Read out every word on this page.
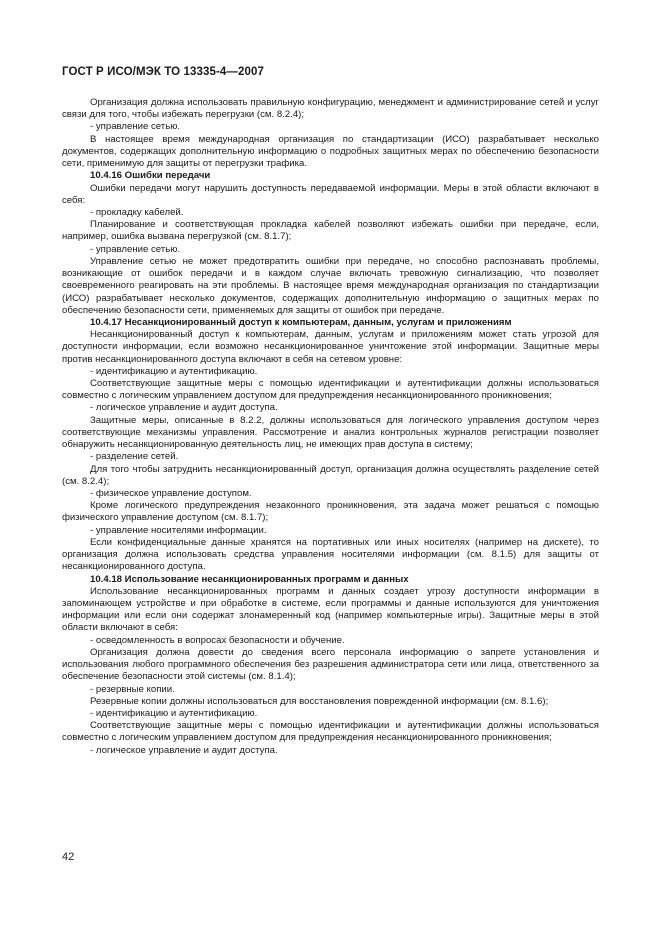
ГОСТ Р ИСО/МЭК ТО 13335-4—2007

Организация должна использовать правильную конфигурацию, менеджмент и администрирование сетей и услуг связи для того, чтобы избежать перегрузки (см. 8.2.4);

- управление сетью.

В настоящее время международная организация по стандартизации (ИСО) разрабатывает несколько документов, содержащих дополнительную информацию о подробных защитных мерах по обеспечению безопасности сети, применимую для защиты от перегрузки трафика.

10.4.16 Ошибки передачи

Ошибки передачи могут нарушить доступность передаваемой информации. Меры в этой области включают в себя:

- прокладку кабелей.

Планирование и соответствующая прокладка кабелей позволяют избежать ошибки при передаче, если, например, ошибка вызвана перегрузкой (см. 8.1.7);

- управление сетью.

Управление сетью не может предотвратить ошибки при передаче, но способно распознавать проблемы, возникающие от ошибок передачи и в каждом случае включать тревожную сигнализацию, что позволяет своевременного реагировать на эти проблемы. В настоящее время международная организация по стандартизации (ИСО) разрабатывает несколько документов, содержащих дополнительную информацию о защитных мерах по обеспечению безопасности сети, применяемых для защиты от ошибок при передаче.

10.4.17 Несанкционированный доступ к компьютерам, данным, услугам и приложениям

Несанкционированный доступ к компьютерам, данным, услугам и приложениям может стать угрозой для доступности информации, если возможно несанкционированное уничтожение этой информации. Защитные меры против несанкционированного доступа включают в себя на сетевом уровне:

- идентификацию и аутентификацию.

Соответствующие защитные меры с помощью идентификации и аутентификации должны использоваться совместно с логическим управлением доступом для предупреждения несанкционированного проникновения;

- логическое управление и аудит доступа.

Защитные меры, описанные в 8.2.2, должны использоваться для логического управления доступом через соответствующие механизмы управления. Рассмотрение и анализ контрольных журналов регистрации позволяет обнаружить несанкционированную деятельность лиц, не имеющих прав доступа в систему;

- разделение сетей.

Для того чтобы затруднить несанкционированный доступ, организация должна осуществлять разделение сетей (см. 8.2.4);

- физическое управление доступом.

Кроме логического предупреждения незаконного проникновения, эта задача может решаться с помощью физического управление доступом (см. 8.1.7);

- управление носителями информации.

Если конфиденциальные данные хранятся на портативных или иных носителях (например на дискете), то организация должна использовать средства управления носителями информации (см. 8.1.5) для защиты от несанкционированного доступа.

10.4.18 Использование несанкционированных программ и данных

Использование несанкционированных программ и данных создает угрозу доступности информации в запоминающем устройстве и при обработке в системе, если программы и данные используются для уничтожения информации или если они содержат злонамеренный код (например компьютерные игры). Защитные меры в этой области включают в себя:

- осведомленность в вопросах безопасности и обучение.

Организация должна довести до сведения всего персонала информацию о запрете установления и использования любого программного обеспечения без разрешения администратора сети или лица, ответственного за обеспечение безопасности этой системы (см. 8.1.4);

- резервные копии.

Резервные копии должны использоваться для восстановления поврежденной информации (см. 8.1.6);

- идентификацию и аутентификацию.

Соответствующие защитные меры с помощью идентификации и аутентификации должны использоваться совместно с логическим управлением доступом для предупреждения несанкционированного проникновения;

- логическое управление и аудит доступа.

42
